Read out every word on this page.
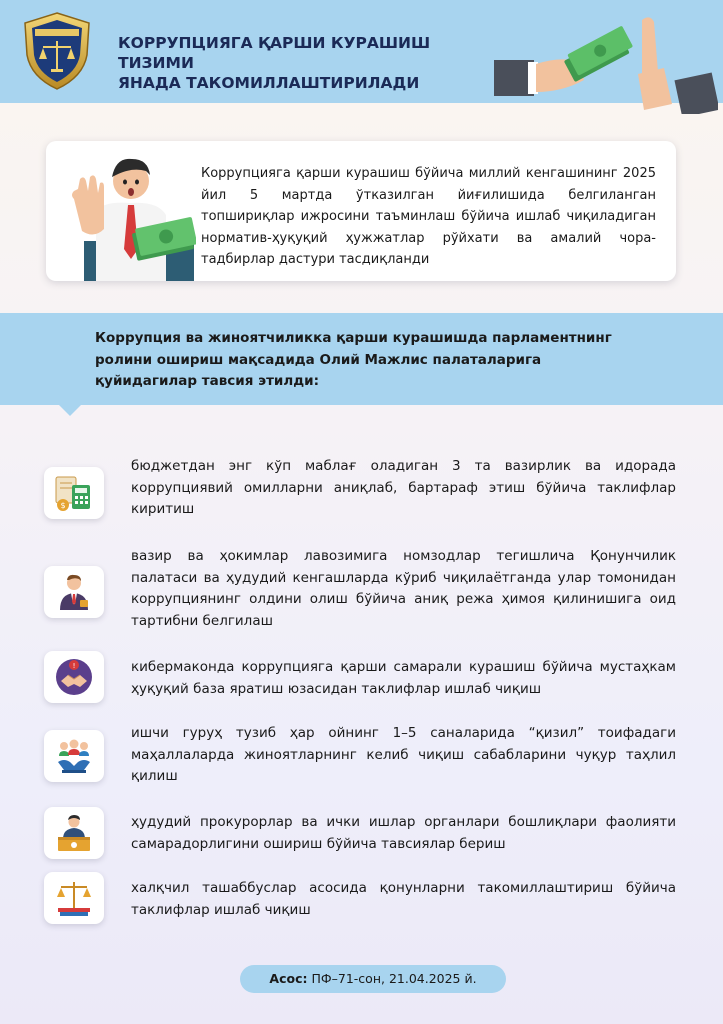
КОРРУПЦИЯГА ҚАРШИ КУРАШИШ ТИЗИМИ
ЯНАДА ТАКОМИЛЛАШТИРИЛАДИ
Коррупцияга қарши курашиш бўйича миллий кенгашининг 2025 йил 5 мартда ўтказилган йиғилишида белгиланган топшириқлар ижросини таъминлаш бўйича ишлаб чиқиладиган норматив-ҳуқуқий ҳужжатлар рўйхати ва амалий чора-тадбирлар дастури тасдиқланди
Коррупция ва жиноятчиликка қарши курашишда парламентнинг
ролини ошириш мақсадида Олий Мажлис палаталарига
қуйидагилар тавсия этилди:
$
бюджетдан энг кўп маблағ оладиган 3 та вазирлик ва идорада коррупциявий омилларни аниқлаб, бартараф этиш бўйича таклифлар киритиш
вазир ва ҳокимлар лавозимига номзодлар тегишлича Қонунчилик палатаси ва ҳудудий кенгашларда кўриб чиқилаётганда улар томонидан коррупциянинг олдини олиш бўйича аниқ режа ҳимоя қилинишига оид тартибни белгилаш
!	кибермаконда коррупцияга қарши самарали курашиш бўйича мустаҳкам ҳуқуқий база яратиш юзасидан таклифлар ишлаб чиқиш
ишчи гуруҳ тузиб ҳар ойнинг 1–5 саналарида “қизил” тоифадаги маҳаллаларда жиноятларнинг келиб чиқиш сабабларини чуқур таҳлил қилиш
ҳудудий прокурорлар ва ички ишлар органлари бошлиқлари фаолияти самарадорлигини ошириш бўйича тавсиялар бериш
халқчил ташаббуслар асосида қонунларни такомиллаштириш бўйича таклифлар ишлаб чиқиш
Асос: ПФ–71-сон, 21.04.2025 й.
